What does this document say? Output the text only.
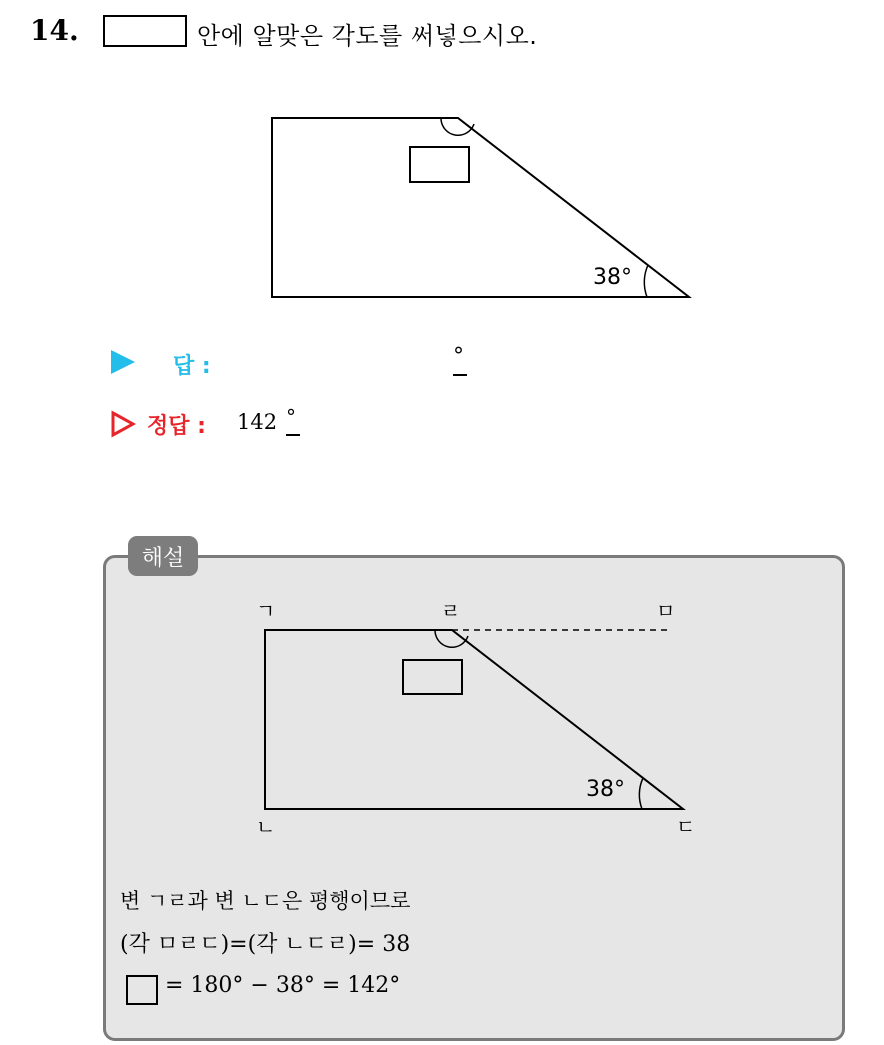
14.	안에 알맞은 각도를 써넣으시오.
38°
답 :	°
정답 : 142 °
해설
38°
ㄱ	ㄹ	ㅁ
ㄴ	ㄷ
변 ㄱㄹ과 변 ㄴㄷ은 평행이므로
(각 ㅁㄹㄷ)=(각 ㄴㄷㄹ)= 38
= 180° − 38° = 142°
